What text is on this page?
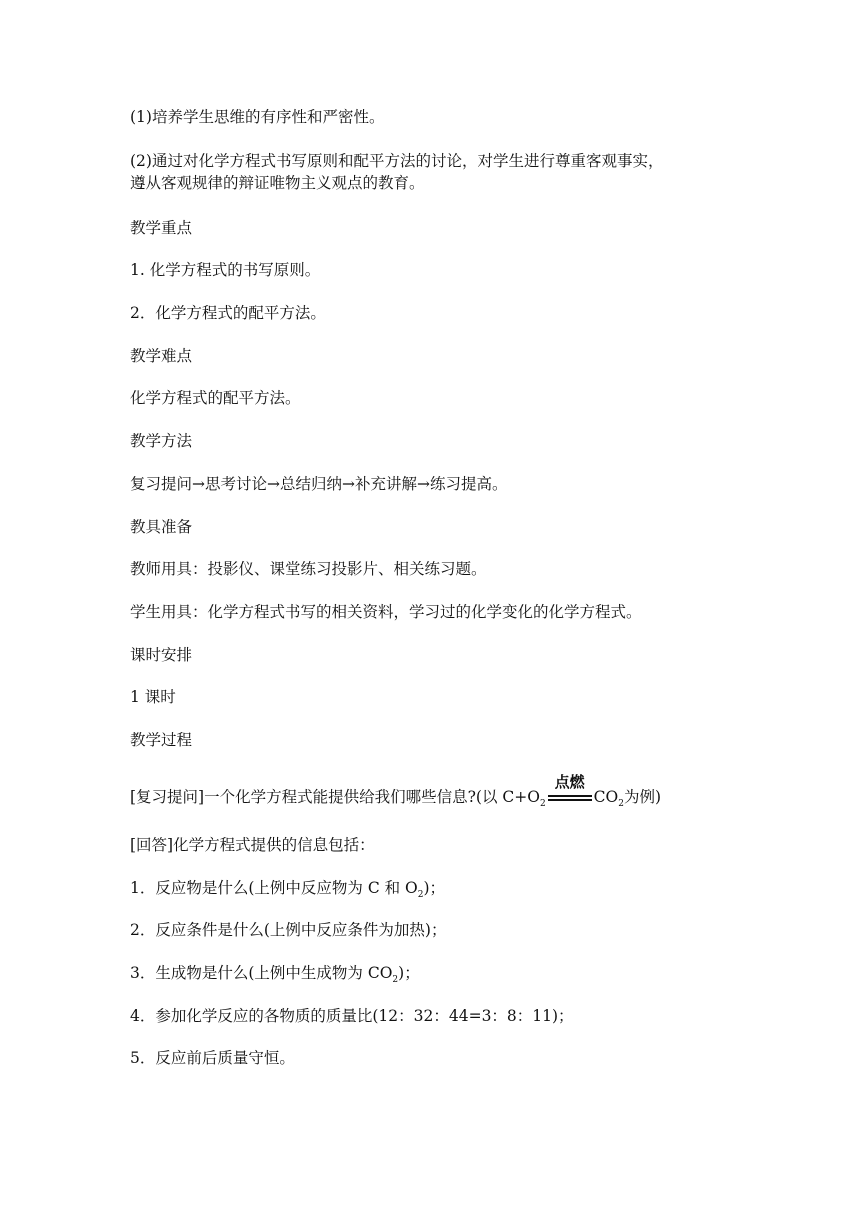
(1)培养学生思维的有序性和严密性。
(2)通过对化学方程式书写原则和配平方法的讨论，对学生进行尊重客观事实，
遵从客观规律的辩证唯物主义观点的教育。
教学重点
1. 化学方程式的书写原则。
2．化学方程式的配平方法。
教学难点
化学方程式的配平方法。
教学方法
复习提问→思考讨论→总结归纳→补充讲解→练习提高。
教具准备
教师用具：投影仪、课堂练习投影片、相关练习题。
学生用具：化学方程式书写的相关资料，学习过的化学变化的化学方程式。
课时安排
1 课时
教学过程
[复习提问]一个化学方程式能提供给我们哪些信息?(以 $C+O_2$
点燃
$CO_2$为例)
[回答]化学方程式提供的信息包括：
1．反应物是什么(上例中反应物为 C 和 $O_2$)；
2．反应条件是什么(上例中反应条件为加热)；
3．生成物是什么(上例中生成物为 $CO_2$)；
4．参加化学反应的各物质的质量比(12：32：44=3：8：11)；
5．反应前后质量守恒。
